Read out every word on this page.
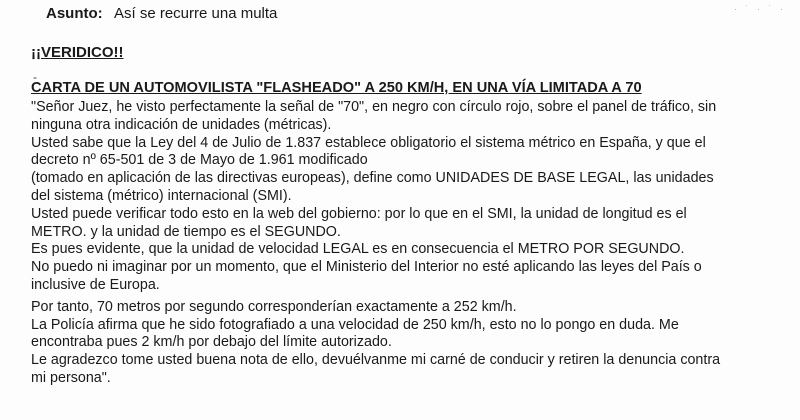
· ˙ · ˙ ·
Asunto: Así se recurre una multa
¡¡VERIDICO!!
-
CARTA DE UN AUTOMOVILISTA "FLASHEADO" A 250 KM/H, EN UNA VÍA LIMITADA A 70

"Señor Juez, he visto perfectamente la señal de "70", en negro con círculo rojo, sobre el panel de tráfico, sin

ninguna otra indicación de unidades (métricas).

Usted sabe que la Ley del 4 de Julio de 1.837 establece obligatorio el sistema métrico en España, y que el

decreto nº 65-501 de 3 de Mayo de 1.961 modificado

(tomado en aplicación de las directivas europeas), define como UNIDADES DE BASE LEGAL, las unidades

del sistema (métrico) internacional (SMI).

Usted puede verificar todo esto en la web del gobierno: por lo que en el SMI, la unidad de longitud es el

METRO. y la unidad de tiempo es el SEGUNDO.

Es pues evidente, que la unidad de velocidad LEGAL es en consecuencia el METRO POR SEGUNDO.

No puedo ni imaginar por un momento, que el Ministerio del Interior no esté aplicando las leyes del País o

inclusive de Europa.

Por tanto, 70 metros por segundo corresponderían exactamente a 252 km/h.

La Policía afirma que he sido fotografiado a una velocidad de 250 km/h, esto no lo pongo en duda. Me

encontraba pues 2 km/h por debajo del límite autorizado.

Le agradezco tome usted buena nota de ello, devuélvanme mi carné de conducir y retiren la denuncia contra

mi persona".
